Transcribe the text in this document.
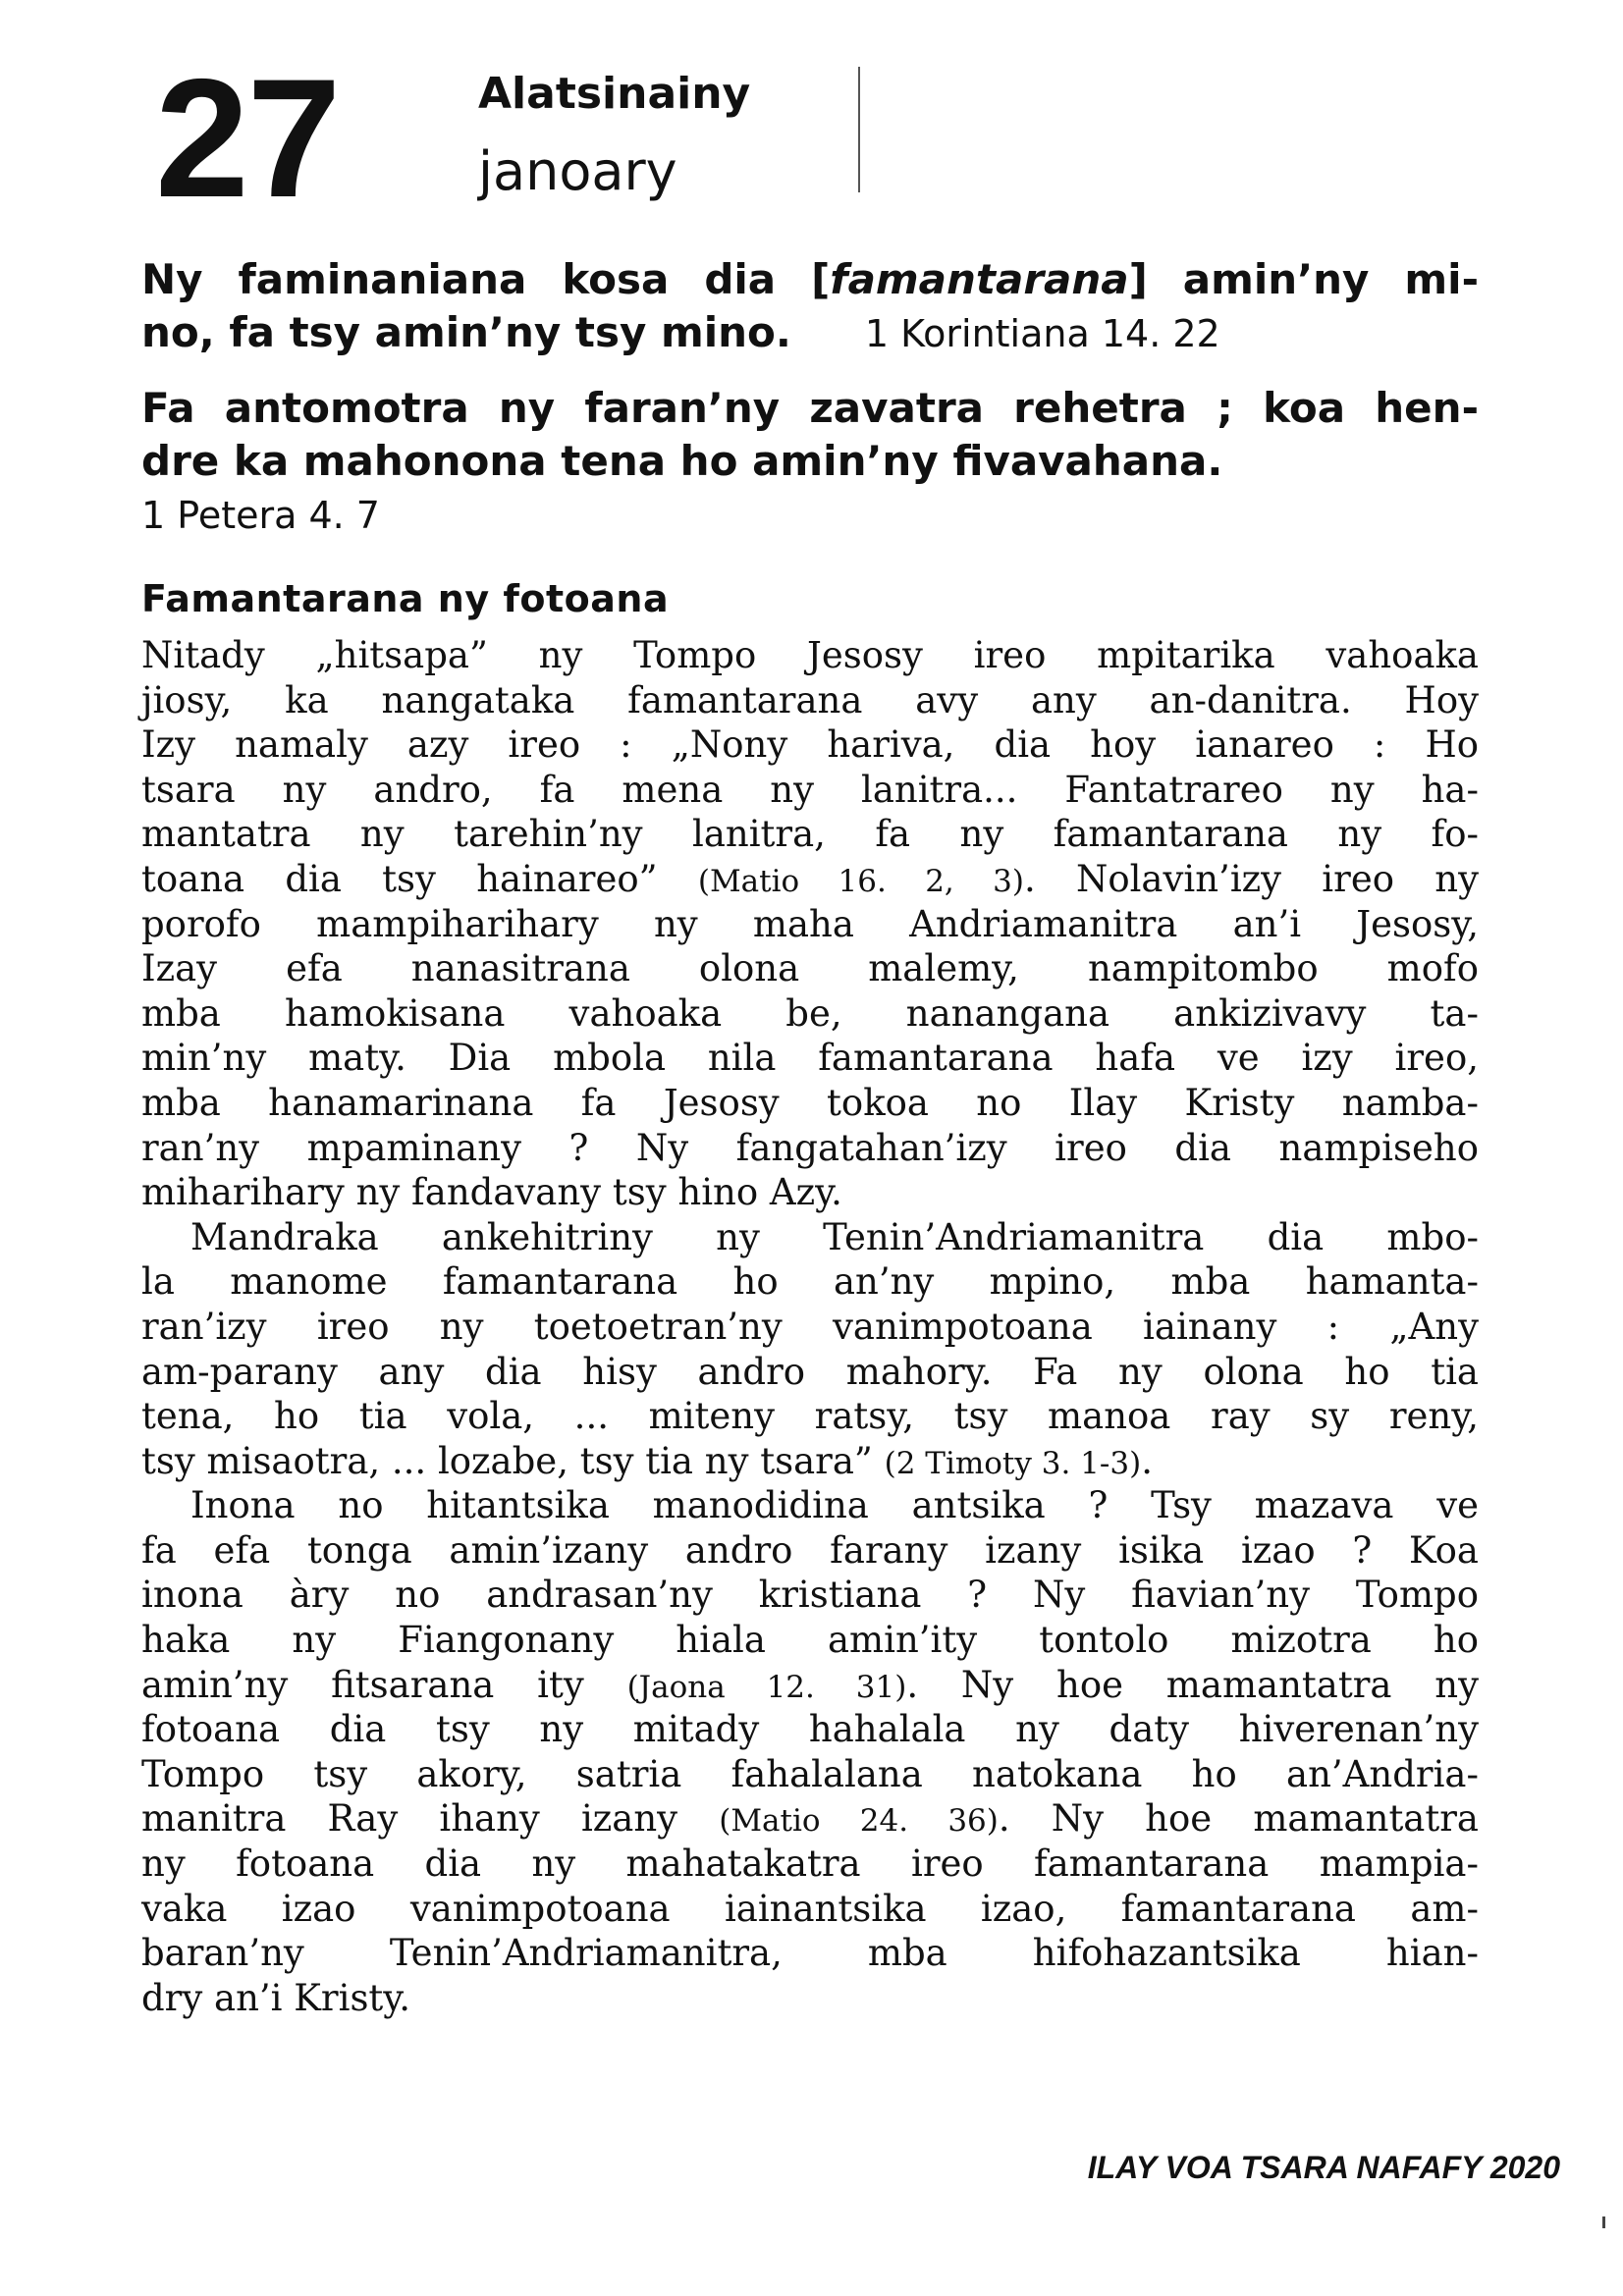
27	Alatsinainy
janoary
Ny faminaniana kosa dia [famantarana] amin’ny mi-
no, fa tsy amin’ny tsy mino. 1 Korintiana 14. 22
Fa antomotra ny faran’ny zavatra rehetra ; koa hen-
dre ka mahonona tena ho amin’ny fivavahana.
1 Petera 4. 7
Famantarana ny fotoana
Nitady „hitsapa” ny Tompo Jesosy ireo mpitarika vahoaka
jiosy, ka nangataka famantarana avy any an-danitra. Hoy
Izy namaly azy ireo : „Nony hariva, dia hoy ianareo : Ho
tsara ny andro, fa mena ny lanitra... Fantatrareo ny ha-
mantatra ny tarehin’ny lanitra, fa ny famantarana ny fo-
toana dia tsy hainareo” (Matio 16. 2, 3). Nolavin’izy ireo ny
porofo mampiharihary ny maha Andriamanitra an’i Jesosy,
Izay efa nanasitrana olona malemy, nampitombo mofo
mba hamokisana vahoaka be, nanangana ankizivavy ta-
min’ny maty. Dia mbola nila famantarana hafa ve izy ireo,
mba hanamarinana fa Jesosy tokoa no Ilay Kristy namba-
ran’ny mpaminany ? Ny fangatahan’izy ireo dia nampiseho
miharihary ny fandavany tsy hino Azy.
Mandraka ankehitriny ny Tenin’Andriamanitra dia mbo-
la manome famantarana ho an’ny mpino, mba hamanta-
ran’izy ireo ny toetoetran’ny vanimpotoana iainany : „Any
am-parany any dia hisy andro mahory. Fa ny olona ho tia
tena, ho tia vola, ... miteny ratsy, tsy manoa ray sy reny,
tsy misaotra, ... lozabe, tsy tia ny tsara” (2 Timoty 3. 1-3).
Inona no hitantsika manodidina antsika ? Tsy mazava ve
fa efa tonga amin’izany andro farany izany isika izao ? Koa
inona àry no andrasan’ny kristiana ? Ny fiavian’ny Tompo
haka ny Fiangonany hiala amin’ity tontolo mizotra ho
amin’ny fitsarana ity (Jaona 12. 31). Ny hoe mamantatra ny
fotoana dia tsy ny mitady hahalala ny daty hiverenan’ny
Tompo tsy akory, satria fahalalana natokana ho an’Andria-
manitra Ray ihany izany (Matio 24. 36). Ny hoe mamantatra
ny fotoana dia ny mahatakatra ireo famantarana mampia-
vaka izao vanimpotoana iainantsika izao, famantarana am-
baran’ny Tenin’Andriamanitra, mba hifohazantsika hian-
dry an’i Kristy.
ILAY VOA TSARA NAFAFY 2020
